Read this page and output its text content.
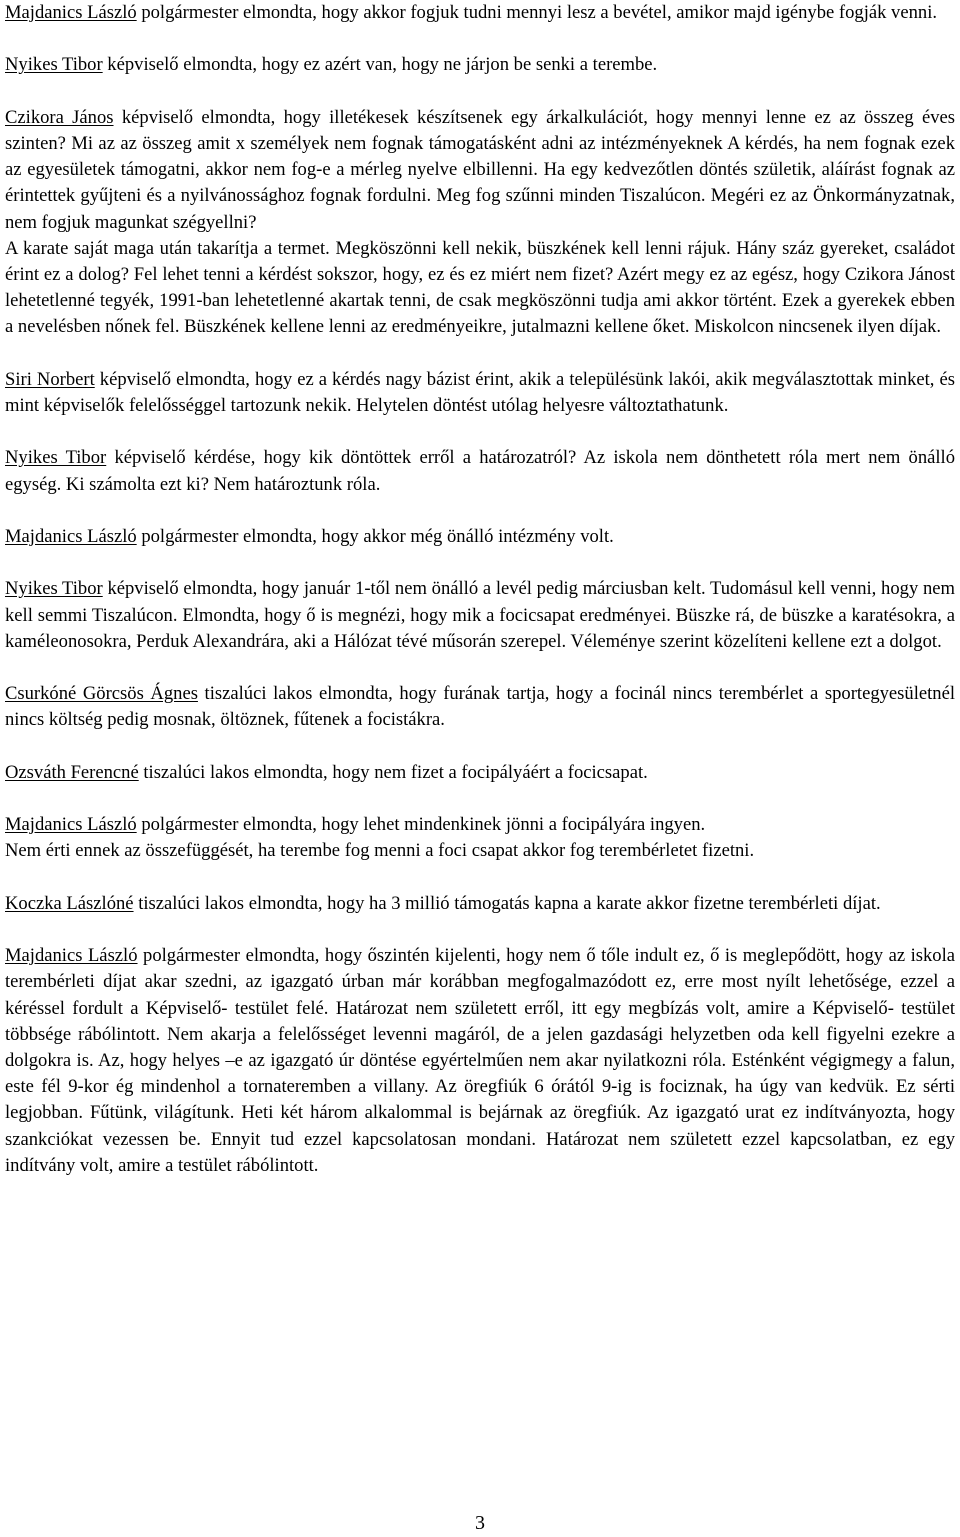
Majdanics László polgármester elmondta, hogy akkor fogjuk tudni mennyi lesz a bevétel, amikor majd igénybe fogják venni.

Nyikes Tibor képviselő elmondta, hogy ez azért van, hogy ne járjon be senki a terembe.

Czikora János képviselő elmondta, hogy illetékesek készítsenek egy árkalkulációt, hogy mennyi lenne ez az összeg éves szinten? Mi az az összeg amit x személyek nem fognak támogatásként adni az intézményeknek A kérdés, ha nem fognak ezek az egyesületek támogatni, akkor nem fog-e a mérleg nyelve elbillenni. Ha egy kedvezőtlen döntés születik, aláírást fognak az érintettek gyűjteni és a nyilvánossághoz fognak fordulni. Meg fog szűnni minden Tiszalúcon. Megéri ez az Önkormányzatnak, nem fogjuk magunkat szégyellni?

A karate saját maga után takarítja a termet. Megköszönni kell nekik, büszkének kell lenni rájuk. Hány száz gyereket, családot érint ez a dolog? Fel lehet tenni a kérdést sokszor, hogy, ez és ez miért nem fizet? Azért megy ez az egész, hogy Czikora Jánost lehetetlenné tegyék, 1991-ban lehetetlenné akartak tenni, de csak megköszönni tudja ami akkor történt. Ezek a gyerekek ebben a nevelésben nőnek fel. Büszkének kellene lenni az eredményeikre, jutalmazni kellene őket. Miskolcon nincsenek ilyen díjak.

Siri Norbert képviselő elmondta, hogy ez a kérdés nagy bázist érint, akik a településünk lakói, akik megválasztottak minket, és mint képviselők felelősséggel tartozunk nekik. Helytelen döntést utólag helyesre változtathatunk.

Nyikes Tibor képviselő kérdése, hogy kik döntöttek erről a határozatról? Az iskola nem dönthetett róla mert nem önálló egység. Ki számolta ezt ki? Nem határoztunk róla.

Majdanics László polgármester elmondta, hogy akkor még önálló intézmény volt.

Nyikes Tibor képviselő elmondta, hogy január 1-től nem önálló a levél pedig márciusban kelt. Tudomásul kell venni, hogy nem kell semmi Tiszalúcon. Elmondta, hogy ő is megnézi, hogy mik a focicsapat eredményei. Büszke rá, de büszke a karatésokra, a kaméleonosokra, Perduk Alexandrára, aki a Hálózat tévé műsorán szerepel. Véleménye szerint közelíteni kellene ezt a dolgot.

Csurkóné Görcsös Ágnes tiszalúci lakos elmondta, hogy furának tartja, hogy a focinál nincs terembérlet a sportegyesületnél nincs költség pedig mosnak, öltöznek, fűtenek a focistákra.

Ozsváth Ferencné tiszalúci lakos elmondta, hogy nem fizet a focipályáért a focicsapat.

Majdanics László polgármester elmondta, hogy lehet mindenkinek jönni a focipályára ingyen.

Nem érti ennek az összefüggését, ha terembe fog menni a foci csapat akkor fog terembérletet fizetni.

Koczka Lászlóné tiszalúci lakos elmondta, hogy ha 3 millió támogatás kapna a karate akkor fizetne terembérleti díjat.

Majdanics László polgármester elmondta, hogy őszintén kijelenti, hogy nem ő tőle indult ez, ő is meglepődött, hogy az iskola terembérleti díjat akar szedni, az igazgató úrban már korábban megfogalmazódott ez, erre most nyílt lehetősége, ezzel a kéréssel fordult a Képviselő- testület felé. Határozat nem született erről, itt egy megbízás volt, amire a Képviselő- testület többsége rábólintott. Nem akarja a felelősséget levenni magáról, de a jelen gazdasági helyzetben oda kell figyelni ezekre a dolgokra is. Az, hogy helyes –e az igazgató úr döntése egyértelműen nem akar nyilatkozni róla. Esténként végigmegy a falun, este fél 9-kor ég mindenhol a tornateremben a villany. Az öregfiúk 6 órától 9-ig is fociznak, ha úgy van kedvük. Ez sérti legjobban. Fűtünk, világítunk. Heti két három alkalommal is bejárnak az öregfiúk. Az igazgató urat ez indítványozta, hogy szankciókat vezessen be. Ennyit tud ezzel kapcsolatosan mondani. Határozat nem született ezzel kapcsolatban, ez egy indítvány volt, amire a testület rábólintott.

3
